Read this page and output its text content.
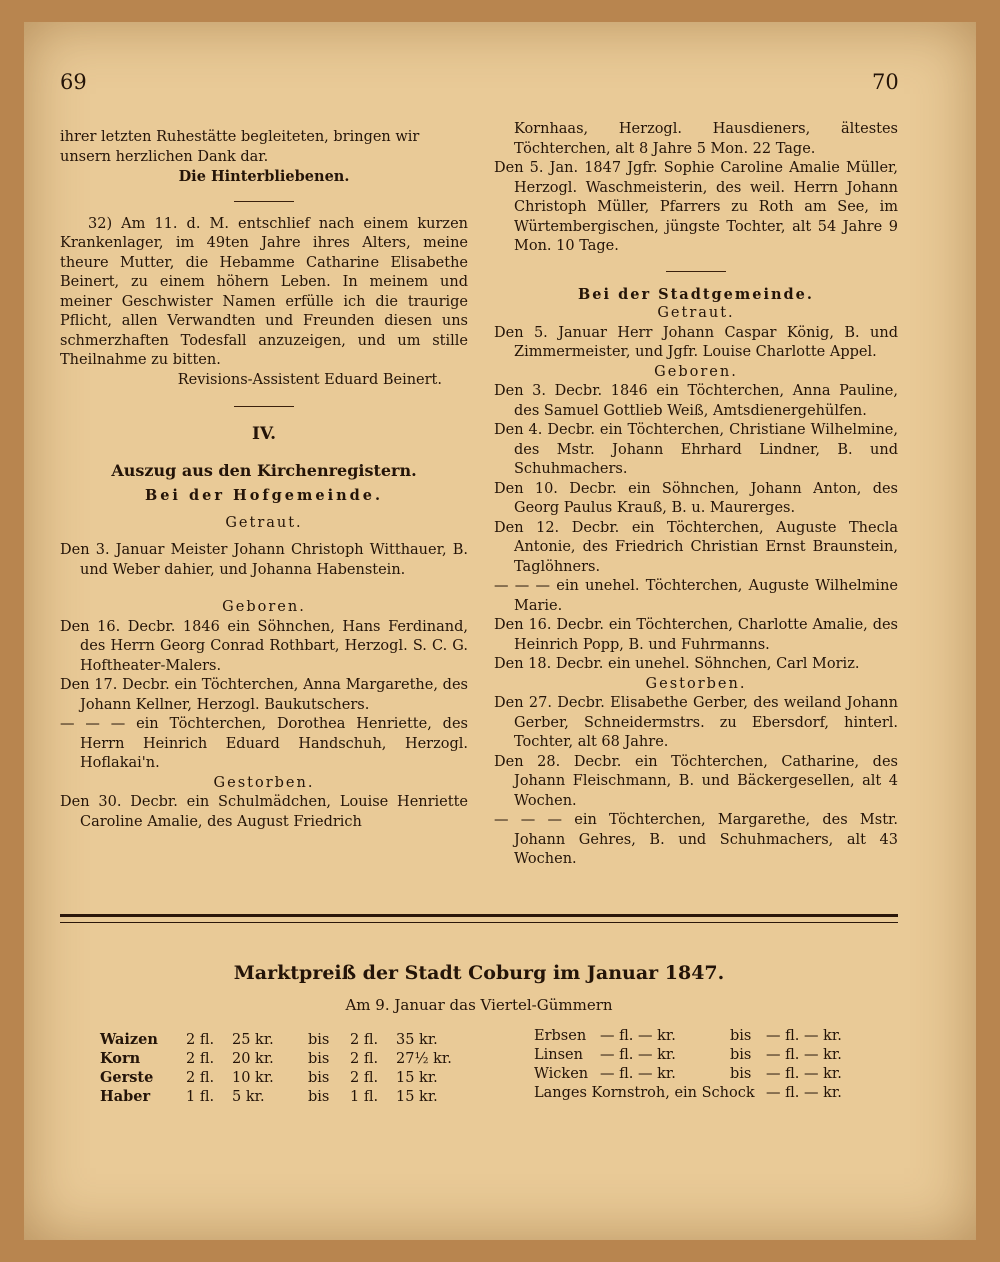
69	70

ihrer letzten Ruhestätte begleiteten, bringen wir

unsern herzlichen Dank dar.

Die Hinterbliebenen.

32) Am 11. d. M. entschlief nach einem kurzen Krankenlager, im 49ten Jahre ihres Alters, meine theure Mutter, die Hebamme Catharine Elisabethe Beinert, zu einem höhern Leben. In meinem und meiner Geschwister Namen erfülle ich die traurige Pflicht, allen Verwandten und Freunden diesen uns schmerzhaften Todesfall anzuzeigen, und um stille Theilnahme zu bitten.

Revisions-Assistent Eduard Beinert.

IV.

Auszug aus den Kirchenregistern.

Bei der Hofgemeinde.

Getraut.

Den 3. Januar Meister Johann Christoph Witthauer, B. und Weber dahier, und Johanna Habenstein.

Geboren.

Den 16. Decbr. 1846 ein Söhnchen, Hans Ferdinand, des Herrn Georg Conrad Rothbart, Herzogl. S. C. G. Hoftheater-Malers.

Den 17. Decbr. ein Töchterchen, Anna Margarethe, des Johann Kellner, Herzogl. Baukutschers.

— — — ein Töchterchen, Dorothea Henriette, des Herrn Heinrich Eduard Handschuh, Herzogl. Hoflakai'n.

Gestorben.

Den 30. Decbr. ein Schulmädchen, Louise Henriette Caroline Amalie, des August Friedrich

Kornhaas, Herzogl. Hausdieners, ältestes Töchterchen, alt 8 Jahre 5 Mon. 22 Tage.

Den 5. Jan. 1847 Jgfr. Sophie Caroline Amalie Müller, Herzogl. Waschmeisterin, des weil. Herrn Johann Christoph Müller, Pfarrers zu Roth am See, im Würtembergischen, jüngste Tochter, alt 54 Jahre 9 Mon. 10 Tage.

Bei der Stadtgemeinde.

Getraut.

Den 5. Januar Herr Johann Caspar König, B. und Zimmermeister, und Jgfr. Louise Charlotte Appel.

Geboren.

Den 3. Decbr. 1846 ein Töchterchen, Anna Pauline, des Samuel Gottlieb Weiß, Amtsdienergehülfen.

Den 4. Decbr. ein Töchterchen, Christiane Wilhelmine, des Mstr. Johann Ehrhard Lindner, B. und Schuhmachers.

Den 10. Decbr. ein Söhnchen, Johann Anton, des Georg Paulus Krauß, B. u. Maurerges.

Den 12. Decbr. ein Töchterchen, Auguste Thecla Antonie, des Friedrich Christian Ernst Braunstein, Taglöhners.

— — — ein unehel. Töchterchen, Auguste Wilhelmine Marie.

Den 16. Decbr. ein Töchterchen, Charlotte Amalie, des Heinrich Popp, B. und Fuhrmanns.

Den 18. Decbr. ein unehel. Söhnchen, Carl Moriz.

Gestorben.

Den 27. Decbr. Elisabethe Gerber, des weiland Johann Gerber, Schneidermstrs. zu Ebersdorf, hinterl. Tochter, alt 68 Jahre.

Den 28. Decbr. ein Töchterchen, Catharine, des Johann Fleischmann, B. und Bäckergesellen, alt 4 Wochen.

— — — ein Töchterchen, Margarethe, des Mstr. Johann Gehres, B. und Schuhmachers, alt 43 Wochen.

Marktpreiß der Stadt Coburg im Januar 1847.
Am 9. Januar das Viertel-Gümmern
Waizen	2 fl.	25 kr.	bis	2 fl.	35 kr.
Korn	2 fl.	20 kr.	bis	2 fl.	27½ kr.
Gerste	2 fl.	10 kr.	bis	2 fl.	15 kr.
Haber	1 fl.	5 kr.	bis	1 fl.	15 kr.
Erbsen	— fl. — kr.	bis	— fl. — kr.
Linsen	— fl. — kr.	bis	— fl. — kr.
Wicken	— fl. — kr.	bis	— fl. — kr.
Langes Kornstroh, ein Schock			— fl. — kr.
